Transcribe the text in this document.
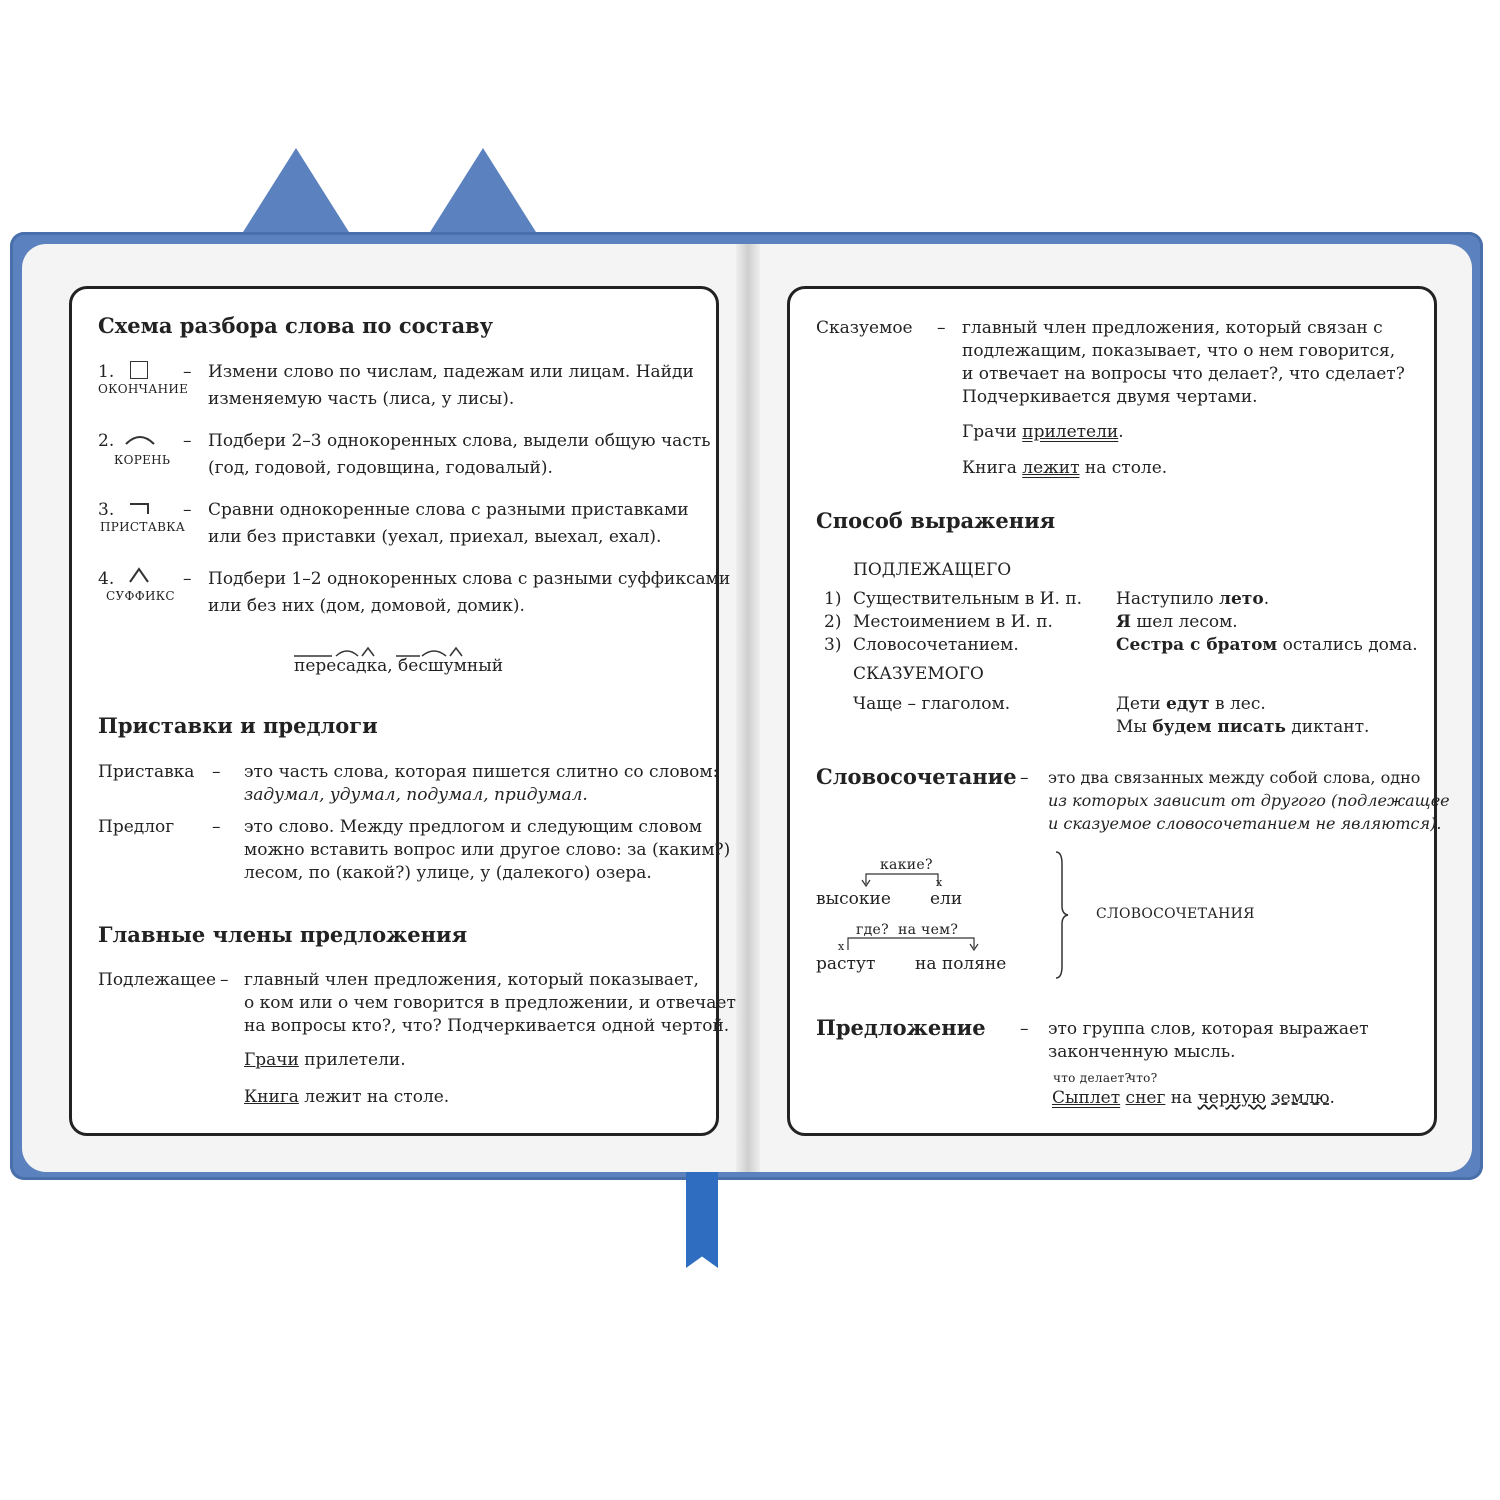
Схема разбора слова по составу
1.
ОКОНЧАНИЕ
– Измени слово по числам, падежам или лицам. Найди
изменяемую часть (лиса, у лисы).
2.
КОРЕНЬ
– Подбери 2–3 однокоренных слова, выдели общую часть
(год, годовой, годовщина, годовалый).
3.
ПРИСТАВКА
– Сравни однокоренные слова с разными приставками
или без приставки (уехал, приехал, выехал, ехал).
4.
СУФФИКС
– Подбери 1–2 однокоренных слова с разными суффиксами
или без них (дом, домовой, домик).
пересадка, бесшумный
Приставки и предлоги
Приставка – это часть слова, которая пишется слитно со словом:
задумал, удумал, подумал, придумал.
Предлог – это слово. Между предлогом и следующим словом
можно вставить вопрос или другое слово: за (каким?)
лесом, по (какой?) улице, у (далекого) озера.
Главные члены предложения
Подлежащее – главный член предложения, который показывает,
о ком или о чем говорится в предложении, и отвечает
на вопросы кто?, что? Подчеркивается одной чертой.
Грачи прилетели.
Книга лежит на столе.
Сказуемое – главный член предложения, который связан с
подлежащим, показывает, что о нем говорится,
и отвечает на вопросы что делает?, что сделает?
Подчеркивается двумя чертами.
Грачи прилетели.
Книга лежит на столе.
Способ выражения
ПОДЛЕЖАЩЕГО
1) Существительным в И. п. Наступило лето.
2) Местоимением в И. п.	Я шел лесом.
3) Словосочетанием.	Сестра с братом остались дома.
СКАЗУЕМОГО
Чаще – глаголом.	Дети едут в лес.
Мы будем писать диктант.
Словосочетание – это два связанных между собой слова, одно
из которых зависит от другого (подлежащее
и сказуемое словосочетанием не являются).
какие?
x
высокие ели
где? на чем?
x
растут на поляне
СЛОВОСОЧЕТАНИЯ
Предложение – это группа слов, которая выражает
законченную мысль.
что делает?
что?
Сыплет снег на черную землю.
